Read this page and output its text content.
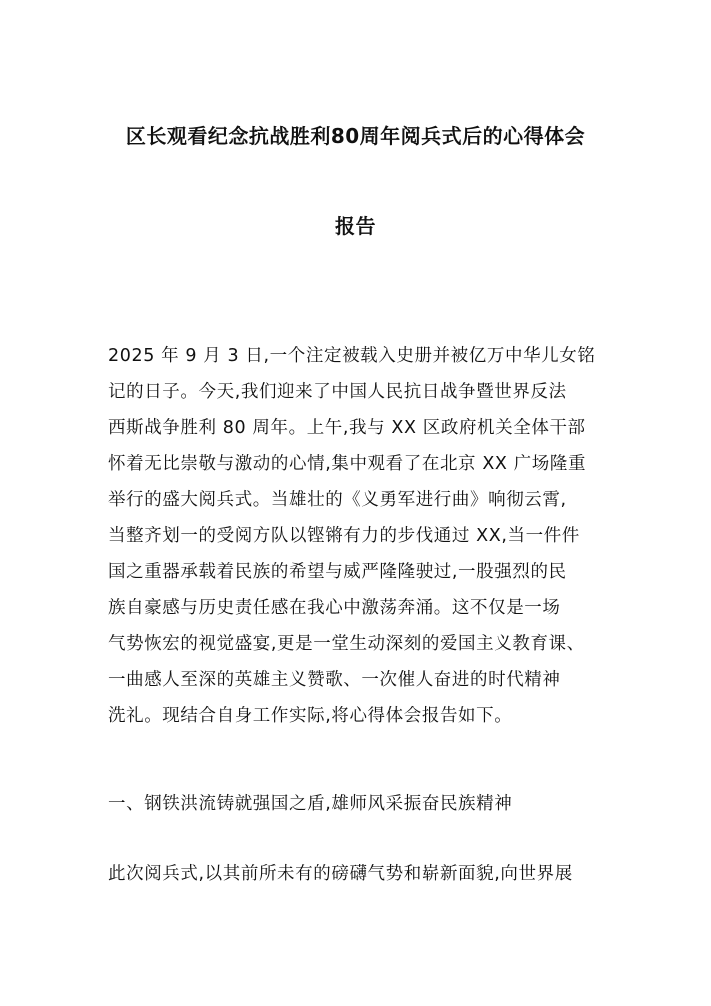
区长观看纪念抗战胜利80周年阅兵式后的心得体会
报告
2025 年 9 月 3 日,一个注定被载入史册并被亿万中华儿女铭
记的日子。今天,我们迎来了中国人民抗日战争暨世界反法
西斯战争胜利 80 周年。上午,我与 XX 区政府机关全体干部
怀着无比崇敬与激动的心情,集中观看了在北京 XX 广场隆重
举行的盛大阅兵式。当雄壮的《义勇军进行曲》响彻云霄,
当整齐划一的受阅方队以铿锵有力的步伐通过 XX,当一件件
国之重器承载着民族的希望与威严隆隆驶过,一股强烈的民
族自豪感与历史责任感在我心中激荡奔涌。这不仅是一场
气势恢宏的视觉盛宴,更是一堂生动深刻的爱国主义教育课、
一曲感人至深的英雄主义赞歌、一次催人奋进的时代精神
洗礼。现结合自身工作实际,将心得体会报告如下。
一、钢铁洪流铸就强国之盾,雄师风采振奋民族精神
此次阅兵式,以其前所未有的磅礴气势和崭新面貌,向世界展
